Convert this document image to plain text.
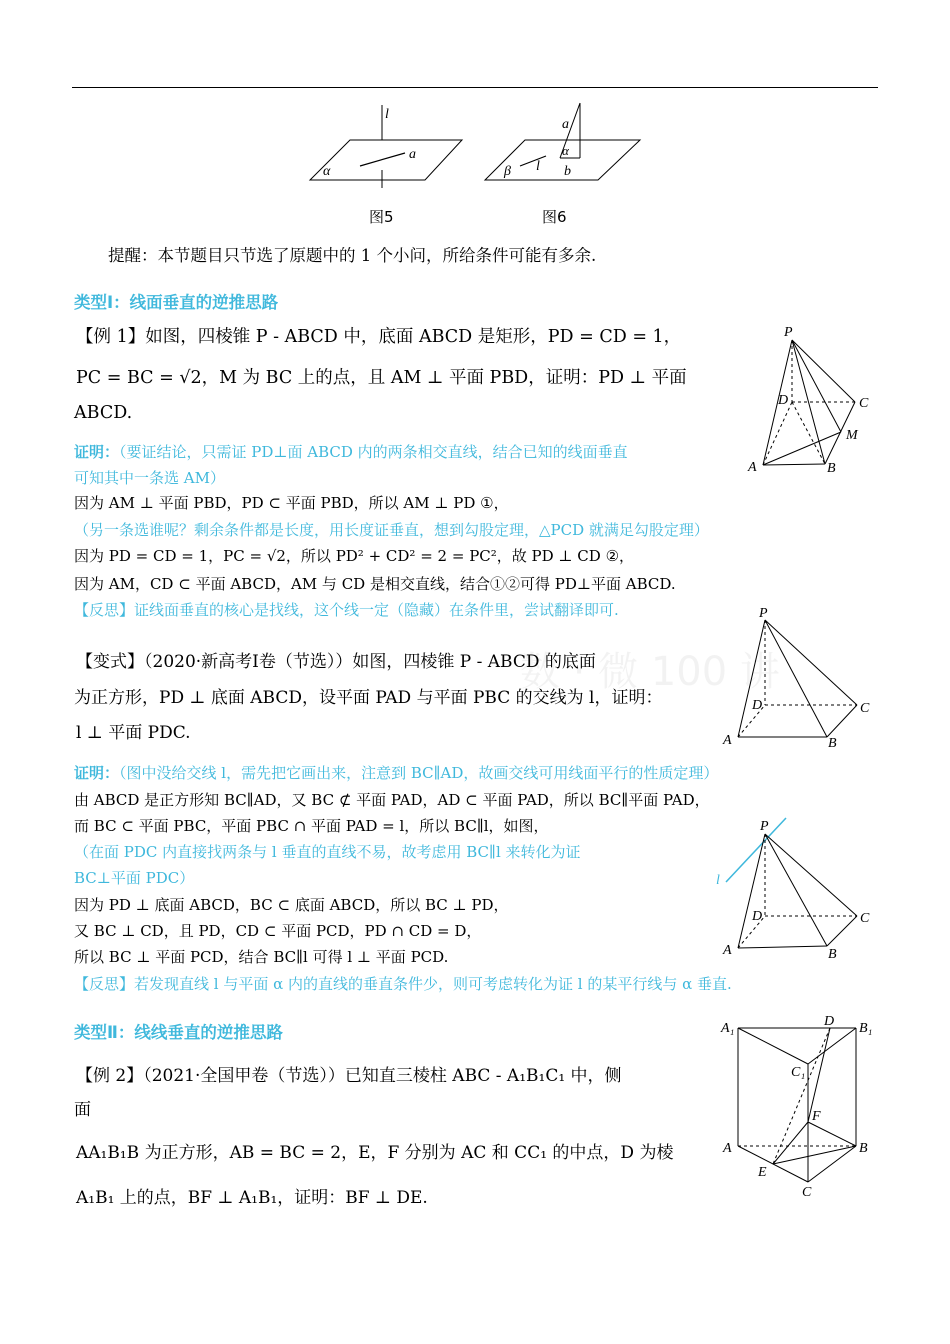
数 · 微 100 讲
l
a
α
图5
a
α
β l b
图6
提醒：本节题目只节选了原题中的 1 个小问，所给条件可能有多余.
类型Ⅰ：线面垂直的逆推思路
【例 1】如图，四棱锥 P - ABCD 中，底面 ABCD 是矩形，PD = CD = 1，
PC = BC = √2，M 为 BC 上的点，且 AM ⊥ 平面 PBD，证明：PD ⊥ 平面
ABCD.
P
D	C
M
A	B
证明：（要证结论，只需证 PD⊥面 ABCD 内的两条相交直线，结合已知的线面垂直
可知其中一条选 AM）
因为 AM ⊥ 平面 PBD，PD ⊂ 平面 PBD，所以 AM ⊥ PD ①，
（另一条选谁呢？剩余条件都是长度，用长度证垂直，想到勾股定理，△PCD 就满足勾股定理）
因为 PD = CD = 1，PC = √2，所以 PD² + CD² = 2 = PC²，故 PD ⊥ CD ②，
因为 AM，CD ⊂ 平面 ABCD，AM 与 CD 是相交直线，结合①②可得 PD⊥平面 ABCD.
【反思】证线面垂直的核心是找线，这个线一定（隐藏）在条件里，尝试翻译即可.
【变式】（2020·新高考Ⅰ卷（节选））如图，四棱锥 P - ABCD 的底面
为正方形，PD ⊥ 底面 ABCD，设平面 PAD 与平面 PBC 的交线为 l，证明：
l ⊥ 平面 PDC.
P
D	C
A	B
证明：（图中没给交线 l，需先把它画出来，注意到 BC∥AD，故画交线可用线面平行的性质定理）
由 ABCD 是正方形知 BC∥AD，又 BC ⊄ 平面 PAD，AD ⊂ 平面 PAD，所以 BC∥平面 PAD，
而 BC ⊂ 平面 PBC，平面 PBC ∩ 平面 PAD = l，所以 BC∥l，如图，
（在面 PDC 内直接找两条与 l 垂直的直线不易，故考虑用 BC∥l 来转化为证
BC⊥平面 PDC）
因为 PD ⊥ 底面 ABCD，BC ⊂ 底面 ABCD，所以 BC ⊥ PD，
又 BC ⊥ CD，且 PD，CD ⊂ 平面 PCD，PD ∩ CD = D，
所以 BC ⊥ 平面 PCD，结合 BC∥l 可得 l ⊥ 平面 PCD.
【反思】若发现直线 l 与平面 α 内的直线的垂直条件少，则可考虑转化为证 l 的某平行线与 α 垂直.
P
l
D	C
A	B
类型Ⅱ：线线垂直的逆推思路
【例 2】（2021·全国甲卷（节选））已知直三棱柱 ABC - A₁B₁C₁ 中，侧
面
AA₁B₁B 为正方形，AB = BC = 2，E，F 分别为 AC 和 CC₁ 的中点，D 为棱
A₁B₁ 上的点，BF ⊥ A₁B₁，证明：BF ⊥ DE.
A₁	D B₁
C₁
F
A	B
E
C
